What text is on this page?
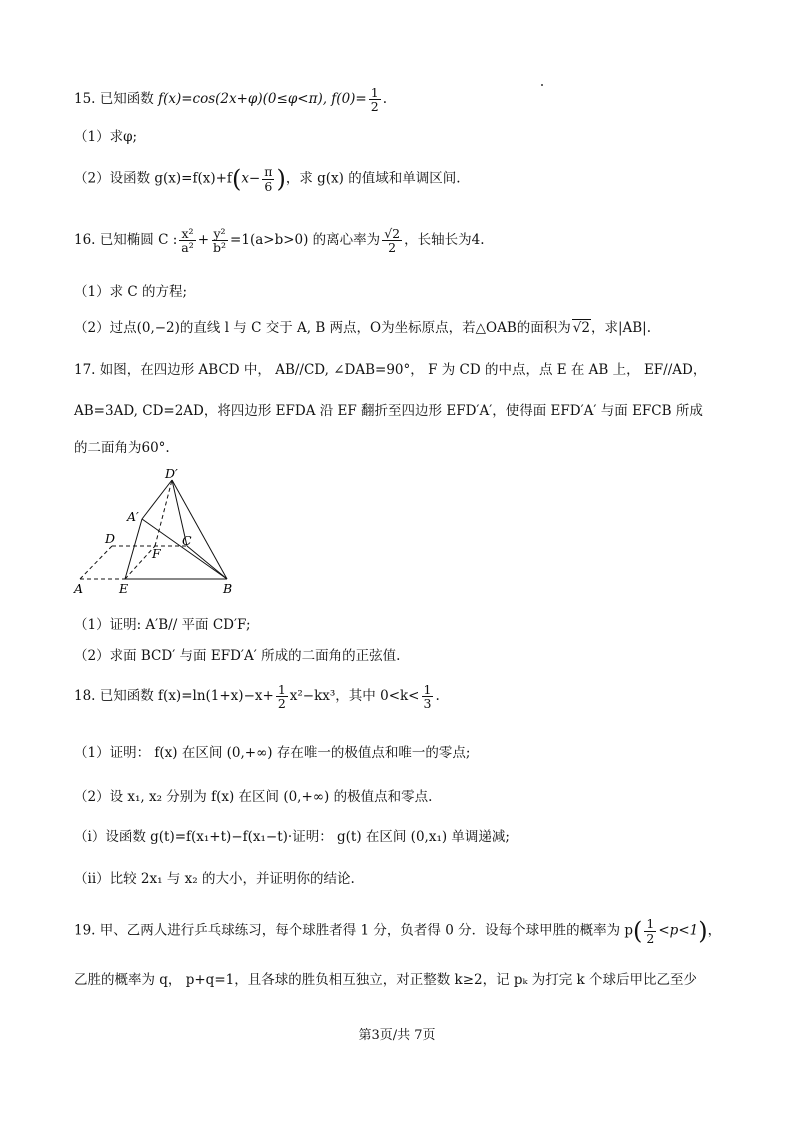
15. 已知函数 f(x)=cos(2x+φ)(0≤φ<π), $f(0)= \frac{1}{2}$ .
（1）求φ;
（2）设函数 $g(x)=f(x)+f(x- \frac{\pi}{6}$ )，求 g(x) 的值域和单调区间.
16. 已知椭圆 C : $\frac{\text{x²}}{\text{a²}} + \frac{\text{y²}}{\text{b²}} =1(a>b>0)$ 的离心率为 $\frac{√2}{2}$ ，长轴长为4.
（1）求 C 的方程;
（2）过点(0,−2)的直线 l 与 C 交于 A, B 两点，O为坐标原点，若△OAB的面积为 √2，求|AB|.
17. 如图，在四边形 ABCD 中， AB//CD, ∠DAB=90°， F 为 CD 的中点，点 E 在 AB 上， EF//AD，
AB=3AD, CD=2AD，将四边形 EFDA 沿 EF 翻折至四边形 EFD′A′，使得面 EFD′A′ 与面 EFCB 所成
的二面角为60°.
D′
A′
D	C
F
A	E	B
（1）证明: A′B// 平面 CD′F;
（2）求面 BCD′ 与面 EFD′A′ 所成的二面角的正弦值.
18. 已知函数 $f(x)=\ln(1+x)-x+ \frac{1}{2} x^2-kx^3$，其中 $0<k< \frac{1}{3}$ .
（1）证明： f(x) 在区间 (0,+∞) 存在唯一的极值点和唯一的零点;
（2）设 x₁, x₂ 分别为 f(x) 在区间 (0,+∞) 的极值点和零点.
（i）设函数 g(t)=f(x₁+t)−f(x₁−t)·证明： g(t) 在区间 (0,x₁) 单调递减;
（ii）比较 2x₁ 与 x₂ 的大小，并证明你的结论.
19. 甲、乙两人进行乒乓球练习，每个球胜者得 1 分，负者得 0 分．设每个球甲胜的概率为 $p( \frac{1}{2} <p<1)$，
乙胜的概率为 q， p+q=1，且各球的胜负相互独立，对正整数 k≥2，记 pₖ 为打完 k 个球后甲比乙至少
第3页/共 7页
